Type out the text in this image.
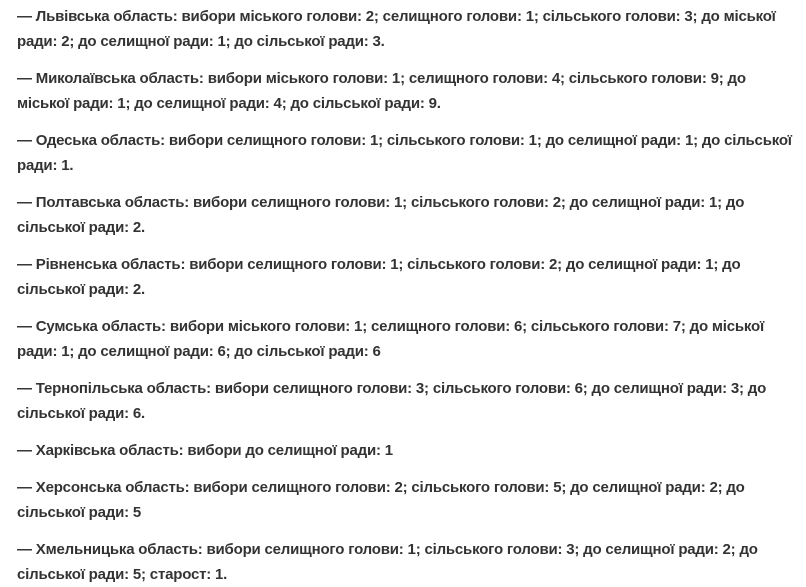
— Львівська область: вибори міського голови: 2; селищного голови: 1; сільського голови: 3; до міської ради: 2; до селищної ради: 1; до сільської ради: 3.

— Миколаївська область: вибори міського голови: 1; селищного голови: 4; сільського голови: 9; до міської ради: 1; до селищної ради: 4; до сільської ради: 9.

— Одеська область: вибори селищного голови: 1; сільського голови: 1; до селищної ради: 1; до сільської ради: 1.

— Полтавська область: вибори селищного голови: 1; сільського голови: 2; до селищної ради: 1; до сільської ради: 2.

— Рівненська область: вибори селищного голови: 1; сільського голови: 2; до селищної ради: 1; до сільської ради: 2.

— Сумська область: вибори міського голови: 1; селищного голови: 6; сільського голови: 7; до міської ради: 1; до селищної ради: 6; до сільської ради: 6

— Тернопільська область: вибори селищного голови: 3; сільського голови: 6; до селищної ради: 3; до сільської ради: 6.

— Харківська область: вибори до селищної ради: 1

— Херсонська область: вибори селищного голови: 2; сільського голови: 5; до селищної ради: 2; до сільської ради: 5

— Хмельницька область: вибори селищного голови: 1; сільського голови: 3; до селищної ради: 2; до сільської ради: 5; старост: 1.
